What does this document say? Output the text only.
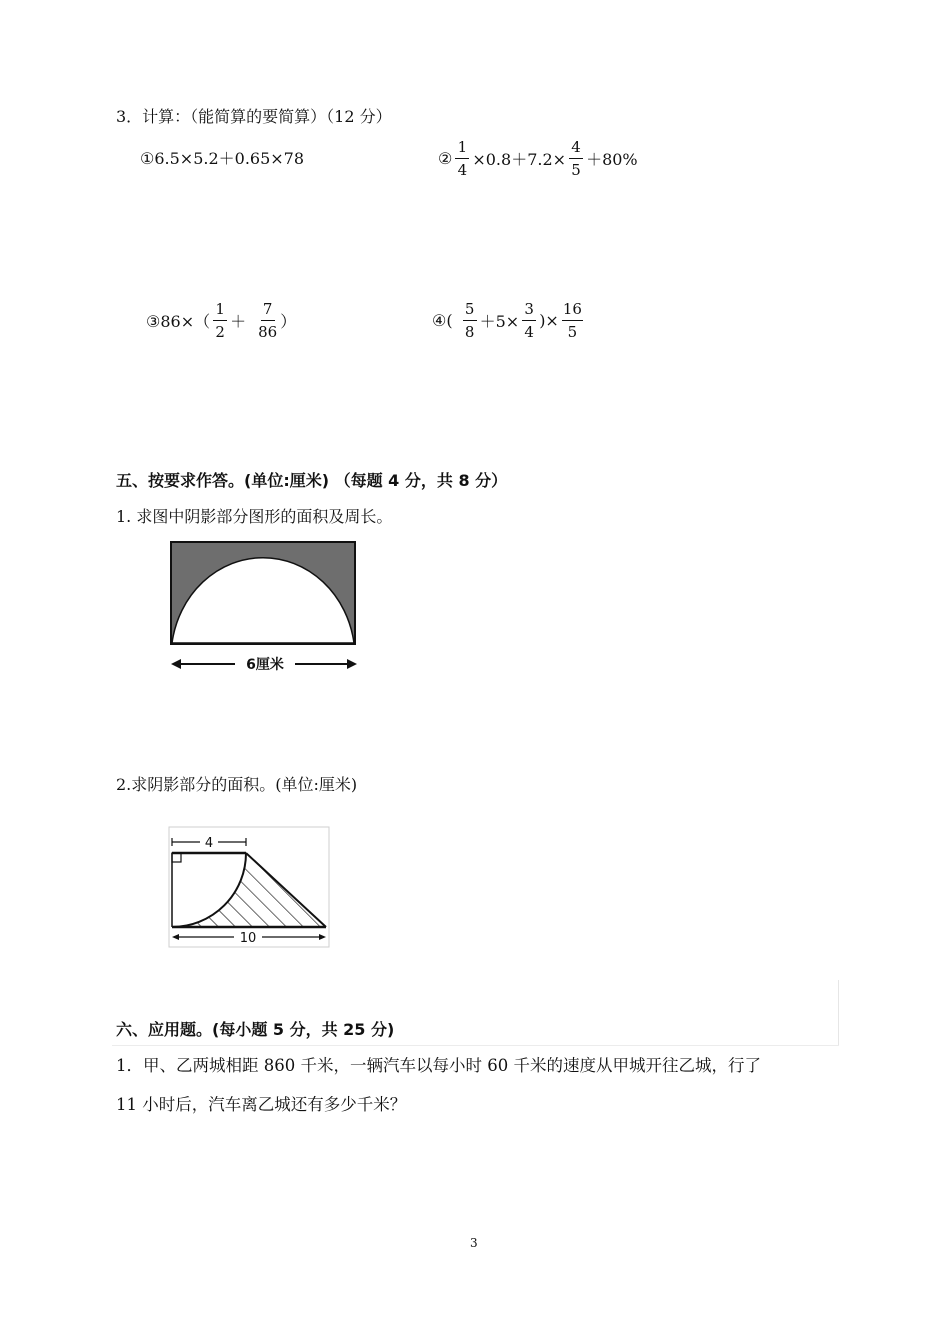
3．计算：（能简算的要简算）（12 分）
①6.5×5.2＋0.65×78	② $\frac{1}{4} \times 0.8+7.2\times \frac{4}{5} +80\%$
③86×（ $\frac{1}{2} + \frac{7}{86}$ ）	④( $\frac{5}{8} +5\times \frac{3}{4}$ )× $\frac{16}{5}$
五、按要求作答。(单位:厘米) （每题 4 分，共 8 分）
1. 求图中阴影部分图形的面积及周长。
6厘米
2.求阴影部分的面积。(单位:厘米)
4
10
六、应用题。(每小题 5 分，共 25 分)
1．甲、乙两城相距 860 千米，一辆汽车以每小时 60 千米的速度从甲城开往乙城，行了
11 小时后，汽车离乙城还有多少千米？
3
